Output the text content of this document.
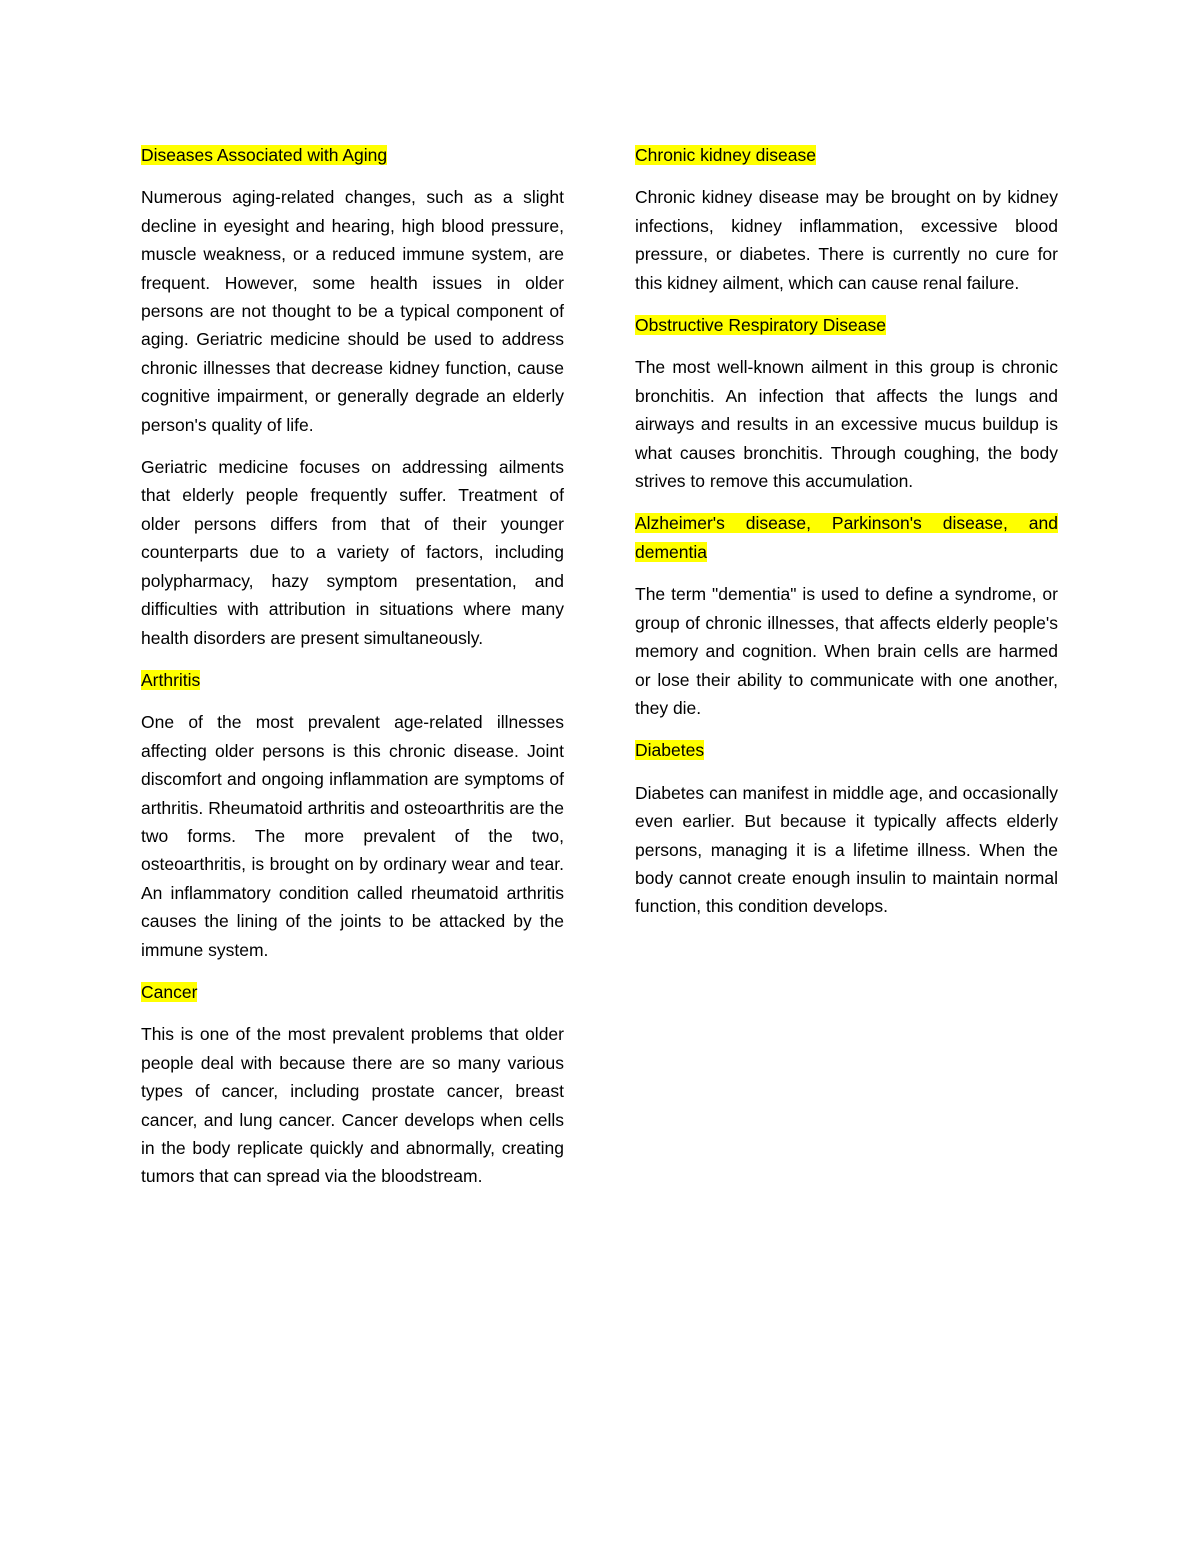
Diseases Associated with Aging

Numerous aging-related changes, such as a slight decline in eyesight and hearing, high blood pressure, muscle weakness, or a reduced immune system, are frequent. However, some health issues in older persons are not thought to be a typical component of aging. Geriatric medicine should be used to address chronic illnesses that decrease kidney function, cause cognitive impairment, or generally degrade an elderly person's quality of life.

Geriatric medicine focuses on addressing ailments that elderly people frequently suffer. Treatment of older persons differs from that of their younger counterparts due to a variety of factors, including polypharmacy, hazy symptom presentation, and difficulties with attribution in situations where many health disorders are present simultaneously.

Arthritis

One of the most prevalent age-related illnesses affecting older persons is this chronic disease. Joint discomfort and ongoing inflammation are symptoms of arthritis. Rheumatoid arthritis and osteoarthritis are the two forms. The more prevalent of the two, osteoarthritis, is brought on by ordinary wear and tear. An inflammatory condition called rheumatoid arthritis causes the lining of the joints to be attacked by the immune system.

Cancer

This is one of the most prevalent problems that older people deal with because there are so many various types of cancer, including prostate cancer, breast cancer, and lung cancer. Cancer develops when cells in the body replicate quickly and abnormally, creating tumors that can spread via the bloodstream.

Chronic kidney disease

Chronic kidney disease may be brought on by kidney infections, kidney inflammation, excessive blood pressure, or diabetes. There is currently no cure for this kidney ailment, which can cause renal failure.

Obstructive Respiratory Disease

The most well-known ailment in this group is chronic bronchitis. An infection that affects the lungs and airways and results in an excessive mucus buildup is what causes bronchitis. Through coughing, the body strives to remove this accumulation.

Alzheimer's disease, Parkinson's disease, and dementia

The term "dementia" is used to define a syndrome, or group of chronic illnesses, that affects elderly people's memory and cognition. When brain cells are harmed or lose their ability to communicate with one another, they die.

Diabetes

Diabetes can manifest in middle age, and occasionally even earlier. But because it typically affects elderly persons, managing it is a lifetime illness. When the body cannot create enough insulin to maintain normal function, this condition develops.
